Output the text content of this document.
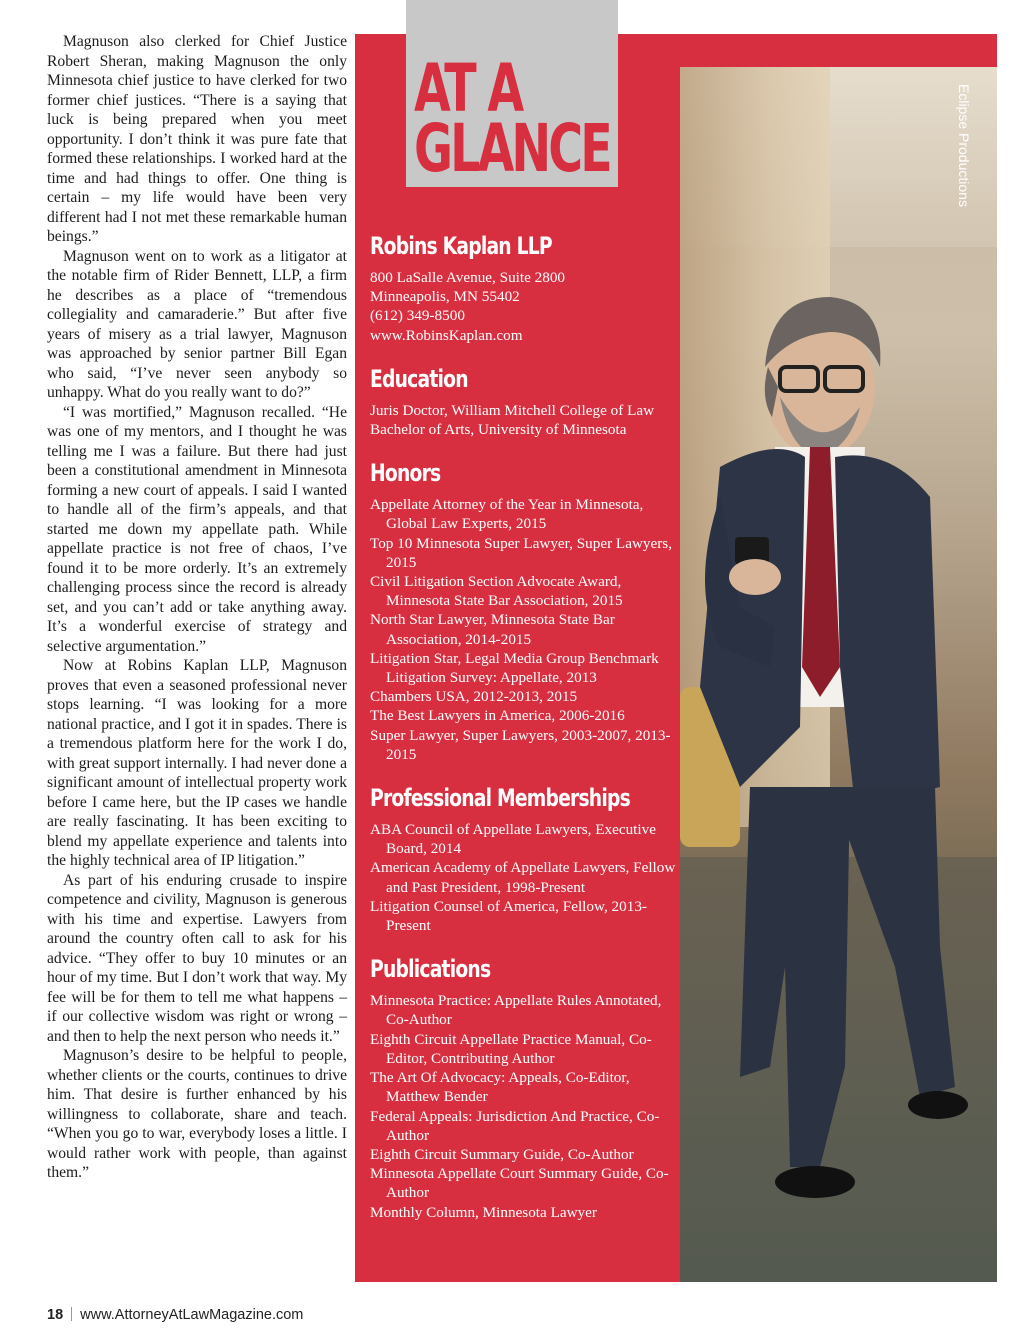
Magnuson also clerked for Chief Justice Robert Sheran, making Magnuson the only Minnesota chief justice to have clerked for two former chief justices. “There is a saying that luck is being prepared when you meet opportunity. I don’t think it was pure fate that formed these relationships. I worked hard at the time and had things to offer. One thing is certain – my life would have been very different had I not met these remarkable human beings.”

Magnuson went on to work as a litigator at the notable firm of Rider Bennett, LLP, a firm he describes as a place of “tremendous collegiality and camaraderie.” But after five years of misery as a trial lawyer, Magnuson was approached by senior partner Bill Egan who said, “I’ve never seen anybody so unhappy. What do you really want to do?”

“I was mortified,” Magnuson recalled. “He was one of my mentors, and I thought he was telling me I was a failure. But there had just been a constitutional amendment in Minnesota forming a new court of appeals. I said I wanted to handle all of the firm’s appeals, and that started me down my appellate path. While appellate practice is not free of chaos, I’ve found it to be more orderly. It’s an extremely challenging process since the record is already set, and you can’t add or take anything away. It’s a wonderful exercise of strategy and selective argumentation.”

Now at Robins Kaplan LLP, Magnuson proves that even a seasoned professional never stops learning. “I was looking for a more national practice, and I got it in spades. There is a tremendous platform here for the work I do, with great support internally. I had never done a significant amount of intellectual property work before I came here, but the IP cases we handle are really fascinating. It has been exciting to blend my appellate experience and talents into the highly technical area of IP litigation.”

As part of his enduring crusade to inspire competence and civility, Magnuson is generous with his time and expertise. Lawyers from around the country often call to ask for his advice. “They offer to buy 10 minutes or an hour of my time. But I don’t work that way. My fee will be for them to tell me what happens – if our collective wisdom was right or wrong – and then to help the next person who needs it.”

Magnuson’s desire to be helpful to people, whether clients or the courts, continues to drive him. That desire is further enhanced by his willingness to collaborate, share and teach. “When you go to war, everybody loses a little. I would rather work with people, than against them.”

Eclipse Productions
AT A
GLANCE
Robins Kaplan LLP
800 LaSalle Avenue, Suite 2800
Minneapolis, MN 55402
(612) 349-8500
www.RobinsKaplan.com
Education
Juris Doctor, William Mitchell College of Law
Bachelor of Arts, University of Minnesota
Honors
Appellate Attorney of the Year in Minnesota, Global Law Experts, 2015
Top 10 Minnesota Super Lawyer, Super Lawyers, 2015
Civil Litigation Section Advocate Award, Minnesota State Bar Association, 2015
North Star Lawyer, Minnesota State Bar Association, 2014-2015
Litigation Star, Legal Media Group Benchmark Litigation Survey: Appellate, 2013
Chambers USA, 2012-2013, 2015
The Best Lawyers in America, 2006-2016
Super Lawyer, Super Lawyers, 2003-2007, 2013-2015
Professional Memberships
ABA Council of Appellate Lawyers, Executive Board, 2014
American Academy of Appellate Lawyers, Fellow and Past President, 1998-Present
Litigation Counsel of America, Fellow, 2013-Present
Publications
Minnesota Practice: Appellate Rules Annotated, Co-Author
Eighth Circuit Appellate Practice Manual, Co-Editor, Contributing Author
The Art Of Advocacy: Appeals, Co-Editor, Matthew Bender
Federal Appeals: Jurisdiction And Practice, Co-Author
Eighth Circuit Summary Guide, Co-Author
Minnesota Appellate Court Summary Guide, Co-Author
Monthly Column, Minnesota Lawyer
18 www.AttorneyAtLawMagazine.com
